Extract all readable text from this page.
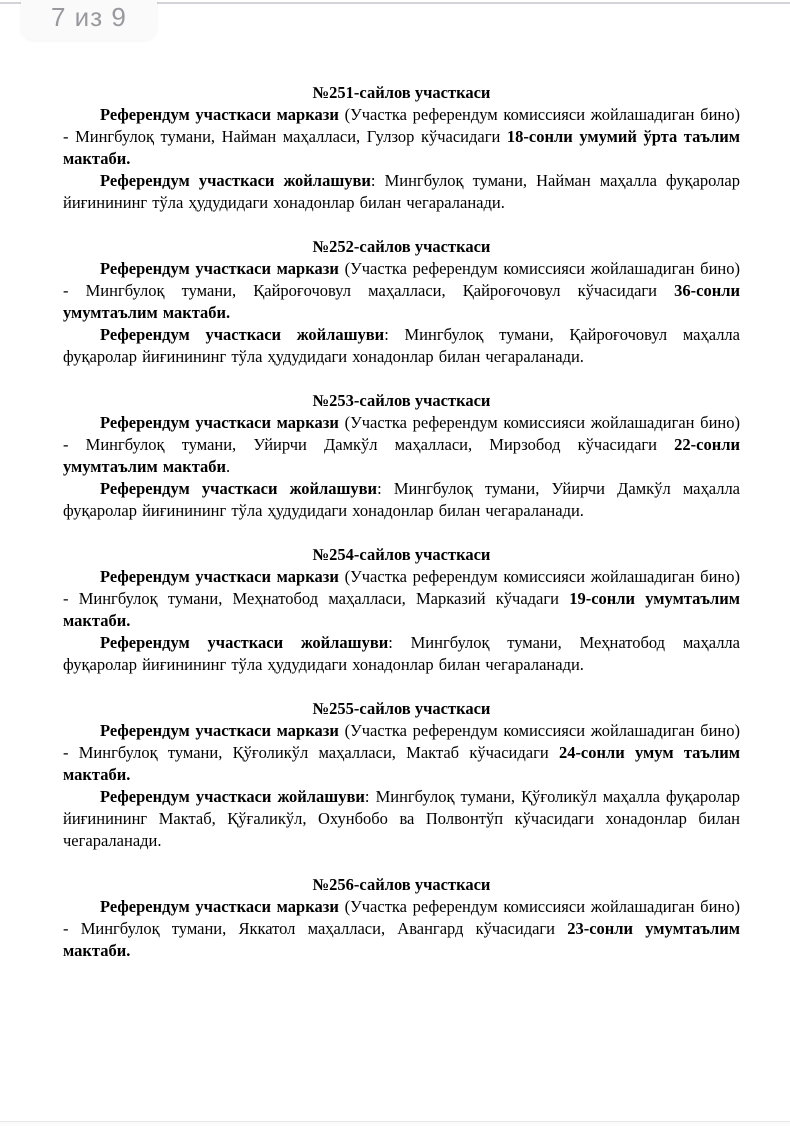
7 из 9
№251-сайлов участкаси

Референдум участкаси маркази (Участка референдум комиссияси жойлашадиган бино) - Мингбулоқ тумани, Найман маҳалласи, Гулзор кўчасидаги 18-сонли умумий ўрта таълим мактаби.

Референдум участкаси жойлашуви: Мингбулоқ тумани, Найман маҳалла фуқаролар йиғинининг тўла ҳудудидаги хонадонлар билан чегараланади.

№252-сайлов участкаси

Референдум участкаси маркази (Участка референдум комиссияси жойлашадиган бино) - Мингбулоқ тумани, Қайроғочовул маҳалласи, Қайроғочовул кўчасидаги 36-сонли умумтаълим мактаби.

Референдум участкаси жойлашуви: Мингбулоқ тумани, Қайроғочовул маҳалла фуқаролар йиғинининг тўла ҳудудидаги хонадонлар билан чегараланади.

№253-сайлов участкаси

Референдум участкаси маркази (Участка референдум комиссияси жойлашадиган бино) - Мингбулоқ тумани, Уйирчи Дамкўл маҳалласи, Мирзобод кўчасидаги 22-сонли умумтаълим мактаби.

Референдум участкаси жойлашуви: Мингбулоқ тумани, Уйирчи Дамкўл маҳалла фуқаролар йиғинининг тўла ҳудудидаги хонадонлар билан чегараланади.

№254-сайлов участкаси

Референдум участкаси маркази (Участка референдум комиссияси жойлашадиган бино) - Мингбулоқ тумани, Меҳнатобод маҳалласи, Марказий кўчадаги 19-сонли умумтаълим мактаби.

Референдум участкаси жойлашуви: Мингбулоқ тумани, Меҳнатобод маҳалла фуқаролар йиғинининг тўла ҳудудидаги хонадонлар билан чегараланади.

№255-сайлов участкаси

Референдум участкаси маркази (Участка референдум комиссияси жойлашадиган бино) - Мингбулоқ тумани, Қўғоликўл маҳалласи, Мактаб кўчасидаги 24-сонли умум таълим мактаби.

Референдум участкаси жойлашуви: Мингбулоқ тумани, Қўғоликўл маҳалла фуқаролар йиғинининг Мактаб, Қўғаликўл, Охунбобо ва Полвонтўп кўчасидаги хонадонлар билан чегараланади.

№256-сайлов участкаси

Референдум участкаси маркази (Участка референдум комиссияси жойлашадиган бино) - Мингбулоқ тумани, Яккатол маҳалласи, Авангард кўчасидаги 23-сонли умумтаълим мактаби.
